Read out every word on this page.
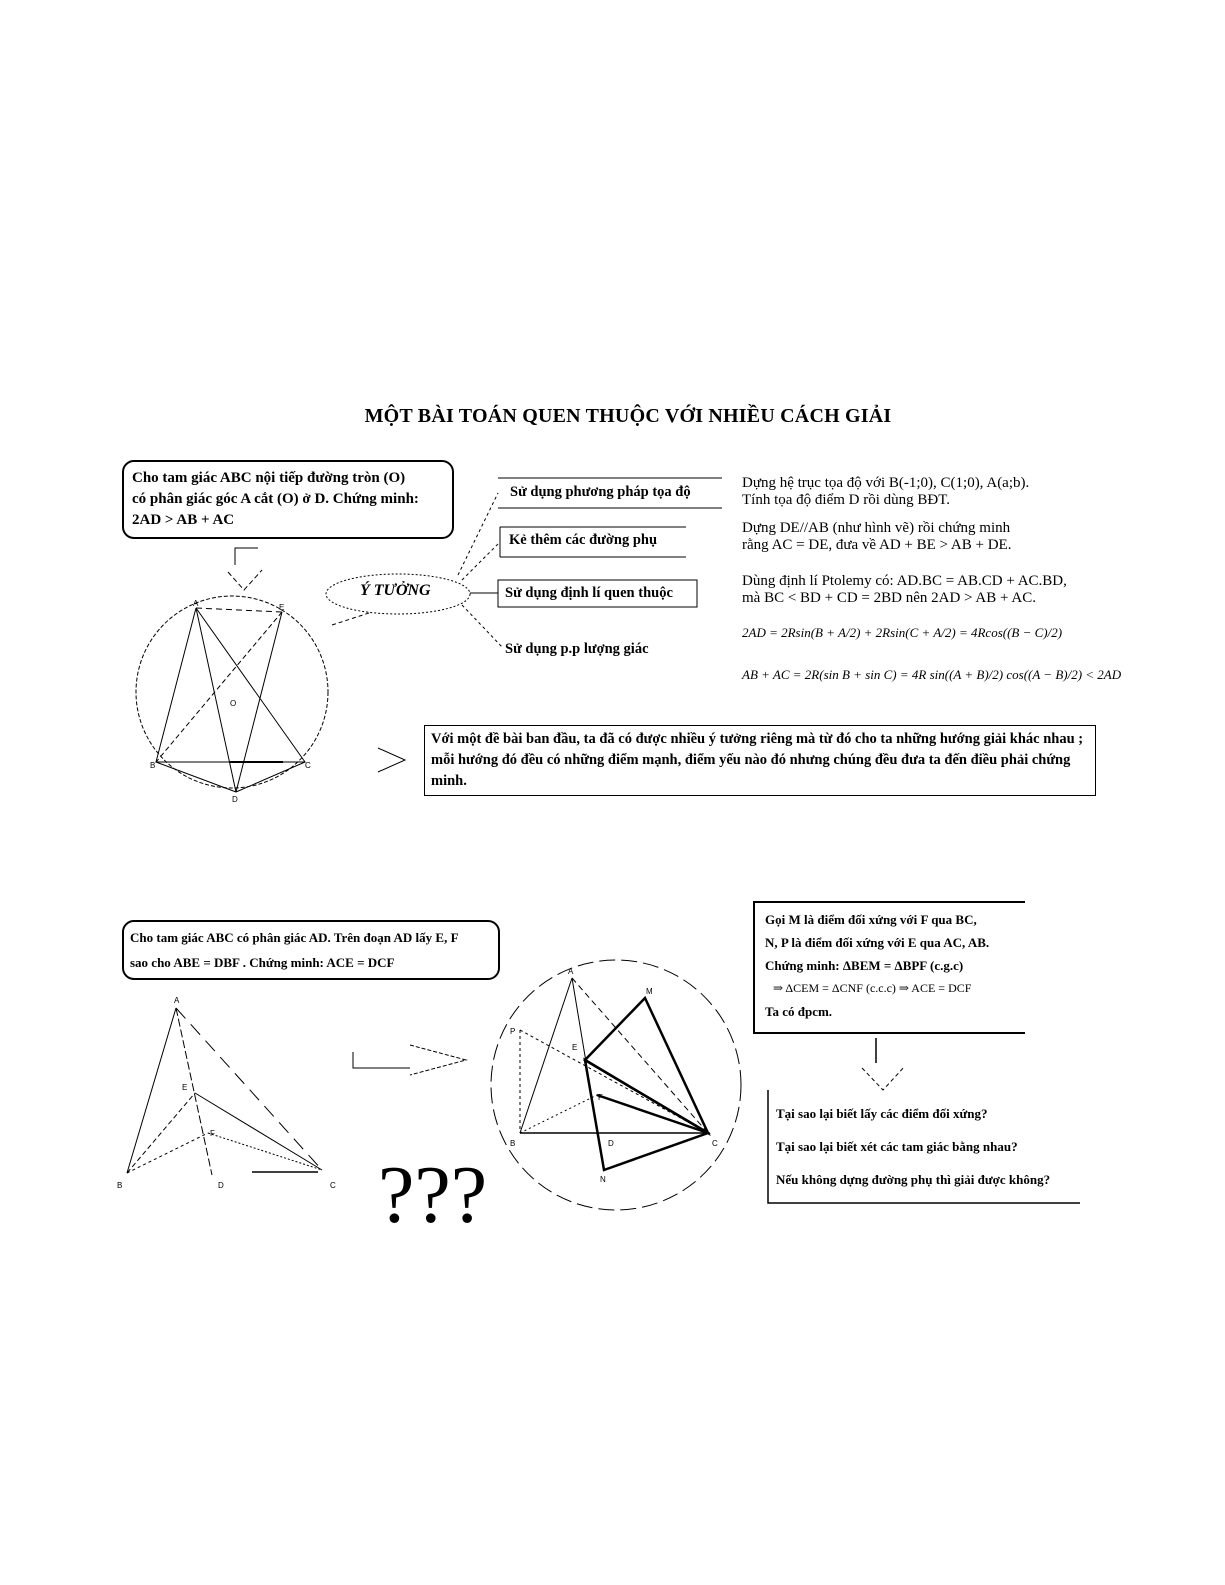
MỘT BÀI TOÁN QUEN THUỘC VỚI NHIỀU CÁCH GIẢI
A	E
B	C
D
O
A
E
F
B	D	C
A
P
E
F
B	D	C
M
N
Cho tam giác ABC nội tiếp đường tròn (O)
có phân giác góc A cắt (O) ở D. Chứng minh:
2AD > AB + AC
Ý TƯỞNG
Sử dụng phương pháp tọa độ
Kẻ thêm các đường phụ
Sử dụng định lí quen thuộc
Sử dụng p.p lượng giác
Dựng hệ trục tọa độ với B(-1;0), C(1;0), A(a;b).
Tính tọa độ điểm D rồi dùng BĐT.
Dựng DE//AB (như hình vẽ) rồi chứng minh
rằng AC = DE, đưa về AD + BE > AB + DE.
Dùng định lí Ptolemy có: AD.BC = AB.CD + AC.BD,
mà BC < BD + CD = 2BD nên 2AD > AB + AC.
2AD = 2Rsin(B + A/2) + 2Rsin(C + A/2) = 4Rcos((B − C)/2)
AB + AC = 2R(sin B + sin C) = 4R sin((A + B)/2) cos((A − B)/2) < 2AD
Với một đề bài ban đầu, ta đã có được nhiều ý tưởng riêng mà từ đó cho ta những hướng giải khác nhau ; mỗi hướng đó đều có những điểm mạnh, điểm yếu nào đó nhưng chúng đều đưa ta đến điều phải chứng minh.
Cho tam giác ABC có phân giác AD. Trên đoạn AD lấy E, F
sao cho ABE = DBF . Chứng minh: ACE = DCF
???
Gọi M là điểm đối xứng với F qua BC,
N, P là điểm đối xứng với E qua AC, AB.
Chứng minh: ΔBEM = ΔBPF (c.g.c)
⇒ ΔCEM = ΔCNF (c.c.c) ⇒ ACE = DCF
Ta có đpcm.
Tại sao lại biết lấy các điểm đối xứng?
Tại sao lại biết xét các tam giác bằng nhau?
Nếu không dựng đường phụ thì giải được không?
